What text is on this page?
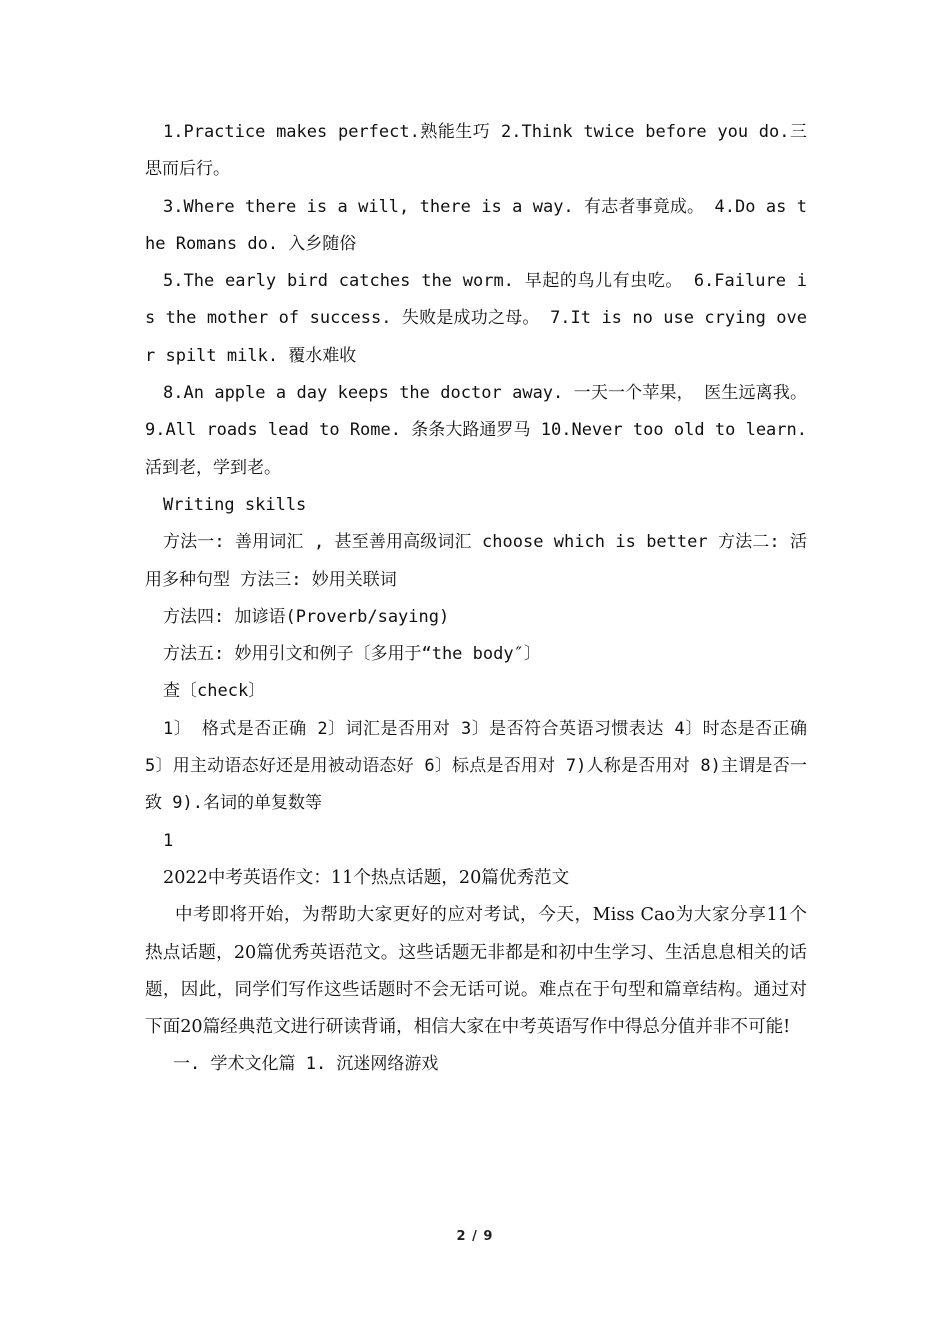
1.Practice makes perfect.熟能生巧 2.Think twice before you do.三思而后行。

3.Where there is a will, there is a way. 有志者事竟成。 4.Do as the Romans do. 入乡随俗

5.The early bird catches the worm. 早起的鸟儿有虫吃。 6.Failure is the mother of success. 失败是成功之母。 7.It is no use crying over spilt milk. 覆水难收

8.An apple a day keeps the doctor away. 一天一个苹果， 医生远离我。 9.All roads lead to Rome. 条条大路通罗马 10.Never too old to learn. 活到老，学到老。

Writing skills

方法一: 善用词汇 , 甚至善用高级词汇 choose which is better 方法二: 活用多种句型 方法三: 妙用关联词

方法四: 加谚语(Proverb/saying)

方法五: 妙用引文和例子〔多用于“the body″〕

查〔check〕

1〕 格式是否正确 2〕词汇是否用对 3〕是否符合英语习惯表达 4〕时态是否正确 5〕用主动语态好还是用被动语态好 6〕标点是否用对 7)人称是否用对 8)主谓是否一致 9).名词的单复数等

1

2022中考英语作文：11个热点话题，20篇优秀范文

中考即将开始，为帮助大家更好的应对考试，今天，Miss Cao为大家分享11个热点话题，20篇优秀英语范文。这些话题无非都是和初中生学习、生活息息相关的话题，因此，同学们写作这些话题时不会无话可说。难点在于句型和篇章结构。通过对下面20篇经典范文进行研读背诵，相信大家在中考英语写作中得总分值并非不可能!

一. 学术文化篇 1. 沉迷网络游戏

2 / 9
